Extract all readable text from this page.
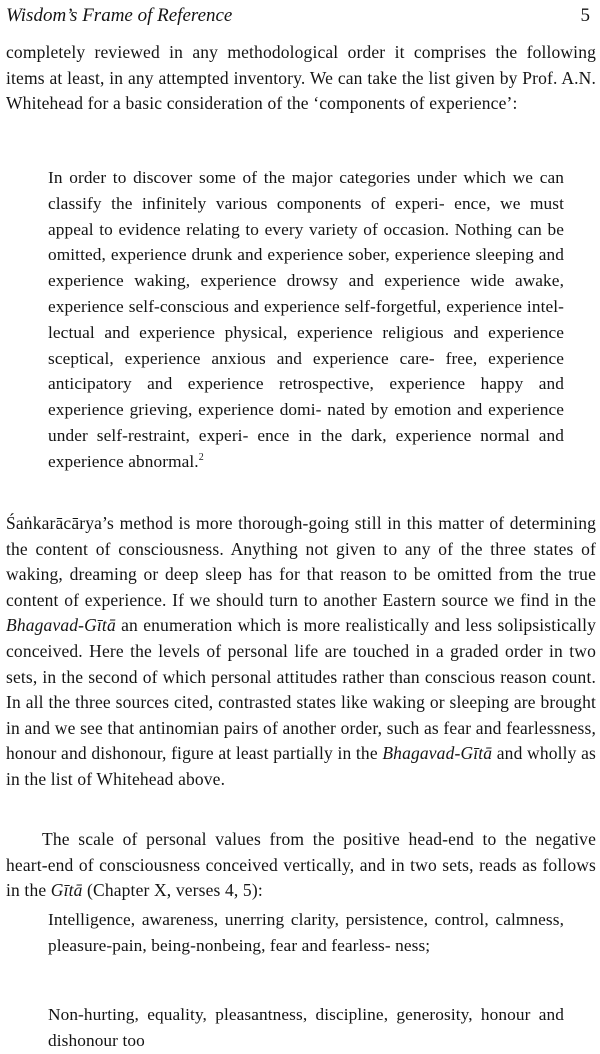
Wisdom’s Frame of Reference	5

completely reviewed in any methodological order it comprises the following items at least, in any attempted inventory. We can take the list given by Prof. A.N. Whitehead for a basic consideration of the ‘components of experience’:

In order to discover some of the major categories under which we can classify the infinitely various components of experi- ence, we must appeal to evidence relating to every variety of occasion. Nothing can be omitted, experience drunk and experience sober, experience sleeping and experience waking, experience drowsy and experience wide awake, experience self-conscious and experience self-forgetful, experience intel- lectual and experience physical, experience religious and experience sceptical, experience anxious and experience care- free, experience anticipatory and experience retrospective, experience happy and experience grieving, experience domi- nated by emotion and experience under self-restraint, experi- ence in the dark, experience normal and experience abnormal.$^2$

Śaṅkarācārya’s method is more thorough-going still in this matter of determining the content of consciousness. Anything not given to any of the three states of waking, dreaming or deep sleep has for that reason to be omitted from the true content of experience. If we should turn to another Eastern source we find in the Bhagavad-Gītā an enumeration which is more realistically and less solipsistically conceived. Here the levels of personal life are touched in a graded order in two sets, in the second of which personal attitudes rather than conscious reason count. In all the three sources cited, contrasted states like waking or sleeping are brought in and we see that antinomian pairs of another order, such as fear and fearlessness, honour and dishonour, figure at least partially in the Bhagavad-Gītā and wholly as in the list of Whitehead above.

The scale of personal values from the positive head-end to the negative heart-end of consciousness conceived vertically, and in two sets, reads as follows in the Gītā (Chapter X, verses 4, 5):

Intelligence, awareness, unerring clarity, persistence, control, calmness, pleasure-pain, being-nonbeing, fear and fearless- ness;

Non-hurting, equality, pleasantness, discipline, generosity, honour and dishonour too
